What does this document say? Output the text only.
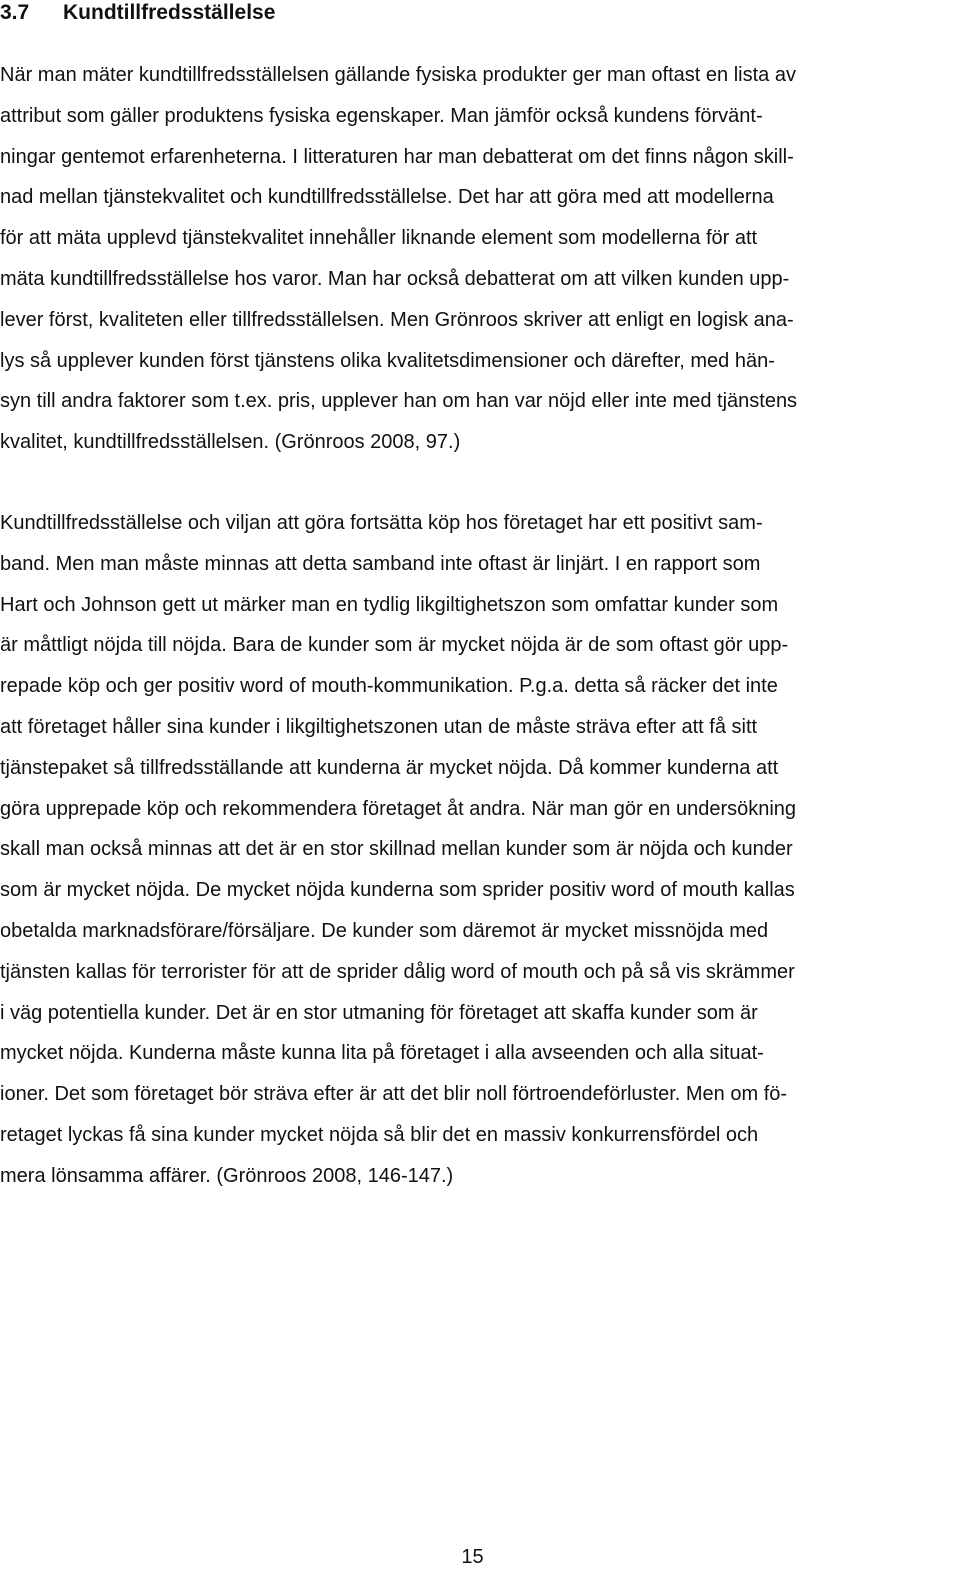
3.7 Kundtillfredsställelse
När man mäter kundtillfredsställelsen gällande fysiska produkter ger man oftast en lista av
attribut som gäller produktens fysiska egenskaper. Man jämför också kundens förvänt-
ningar gentemot erfarenheterna. I litteraturen har man debatterat om det finns någon skill-
nad mellan tjänstekvalitet och kundtillfredsställelse. Det har att göra med att modellerna
för att mäta upplevd tjänstekvalitet innehåller liknande element som modellerna för att
mäta kundtillfredsställelse hos varor. Man har också debatterat om att vilken kunden upp-
lever först, kvaliteten eller tillfredsställelsen. Men Grönroos skriver att enligt en logisk ana-
lys så upplever kunden först tjänstens olika kvalitetsdimensioner och därefter, med hän-
syn till andra faktorer som t.ex. pris, upplever han om han var nöjd eller inte med tjänstens
kvalitet, kundtillfredsställelsen. (Grönroos 2008, 97.)
Kundtillfredsställelse och viljan att göra fortsätta köp hos företaget har ett positivt sam-
band. Men man måste minnas att detta samband inte oftast är linjärt. I en rapport som
Hart och Johnson gett ut märker man en tydlig likgiltighetszon som omfattar kunder som
är måttligt nöjda till nöjda. Bara de kunder som är mycket nöjda är de som oftast gör upp-
repade köp och ger positiv word of mouth-kommunikation. P.g.a. detta så räcker det inte
att företaget håller sina kunder i likgiltighetszonen utan de måste sträva efter att få sitt
tjänstepaket så tillfredsställande att kunderna är mycket nöjda. Då kommer kunderna att
göra upprepade köp och rekommendera företaget åt andra. När man gör en undersökning
skall man också minnas att det är en stor skillnad mellan kunder som är nöjda och kunder
som är mycket nöjda. De mycket nöjda kunderna som sprider positiv word of mouth kallas
obetalda marknadsförare/försäljare. De kunder som däremot är mycket missnöjda med
tjänsten kallas för terrorister för att de sprider dålig word of mouth och på så vis skrämmer
i väg potentiella kunder. Det är en stor utmaning för företaget att skaffa kunder som är
mycket nöjda. Kunderna måste kunna lita på företaget i alla avseenden och alla situat-
ioner. Det som företaget bör sträva efter är att det blir noll förtroendeförluster. Men om fö-
retaget lyckas få sina kunder mycket nöjda så blir det en massiv konkurrensfördel och
mera lönsamma affärer. (Grönroos 2008, 146-147.)
15
